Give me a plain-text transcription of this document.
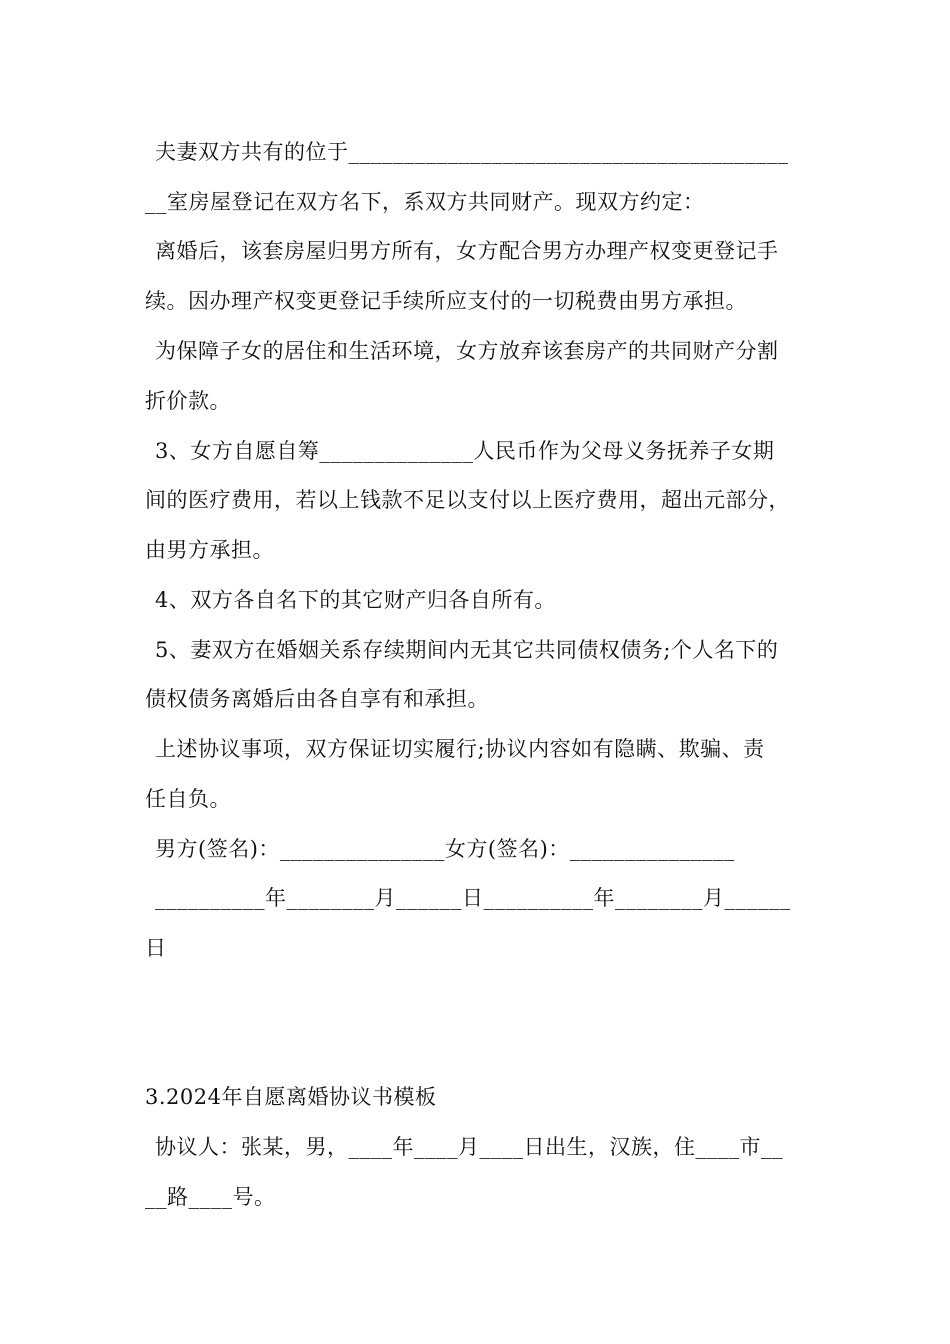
夫妻双方共有的位于________________________________________
__室房屋登记在双方名下，系双方共同财产。现双方约定：
离婚后，该套房屋归男方所有，女方配合男方办理产权变更登记手
续。因办理产权变更登记手续所应支付的一切税费由男方承担。
为保障子女的居住和生活环境，女方放弃该套房产的共同财产分割
折价款。
3、女方自愿自筹______________人民币作为父母义务抚养子女期
间的医疗费用，若以上钱款不足以支付以上医疗费用，超出元部分，
由男方承担。
4、双方各自名下的其它财产归各自所有。
5、妻双方在婚姻关系存续期间内无其它共同债权债务;个人名下的
债权债务离婚后由各自享有和承担。
上述协议事项，双方保证切实履行;协议内容如有隐瞒、欺骗、责
任自负。
男方(签名)：_______________女方(签名)：_______________
__________年________月______日__________年________月______
日
3.2024年自愿离婚协议书模板
协议人：张某，男，____年____月____日出生，汉族，住____市__
__路____号。
